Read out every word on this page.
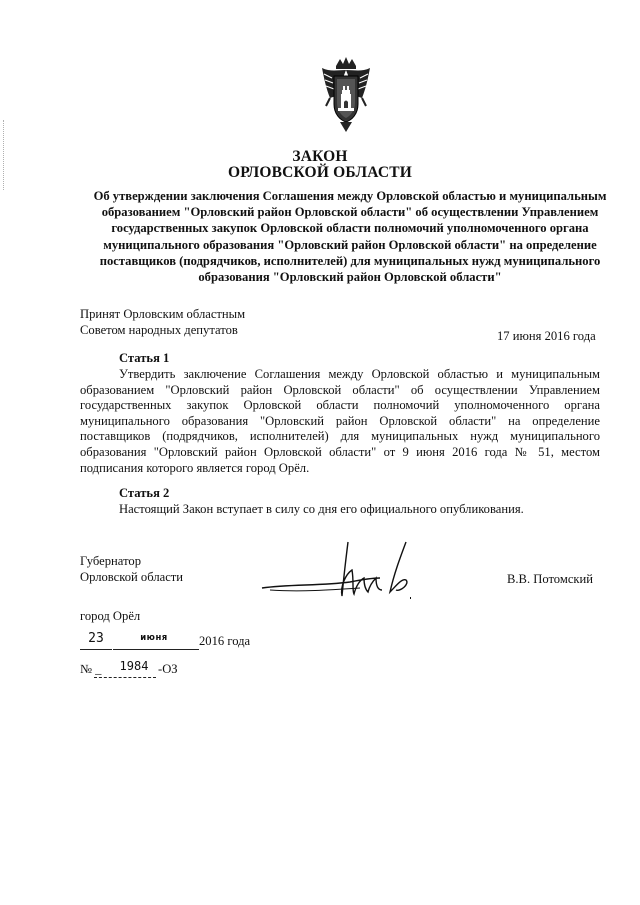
ЗАКОН
ОРЛОВСКОЙ ОБЛАСТИ
Об утверждении заключения Соглашения между Орловской областью и муниципальным образованием "Орловский район Орловской области" об осуществлении Управлением государственных закупок Орловской области полномочий уполномоченного органа муниципального образования "Орловский район Орловской области" на определение поставщиков (подрядчиков, исполнителей) для муниципальных нужд муниципального образования "Орловский район Орловской области"
Принят Орловским областным
Советом народных депутатов	17 июня 2016 года
Статья 1
Утвердить заключение Соглашения между Орловской областью и муниципальным образованием "Орловский район Орловской области" об осуществлении Управлением государственных закупок Орловской области полномочий уполномоченного органа муниципального образования "Орловский район Орловской области" на определение поставщиков (подрядчиков, исполнителей) для муниципальных нужд муниципального образования "Орловский район Орловской области" от 9 июня 2016 года № 51, местом подписания которого является город Орёл.
Статья 2
Настоящий Закон вступает в силу со дня его официального опубликования.
Губернатор
Орловской области	В.В. Потомский
город Орёл
23	июня	2016 года
№ _	1984 -ОЗ
